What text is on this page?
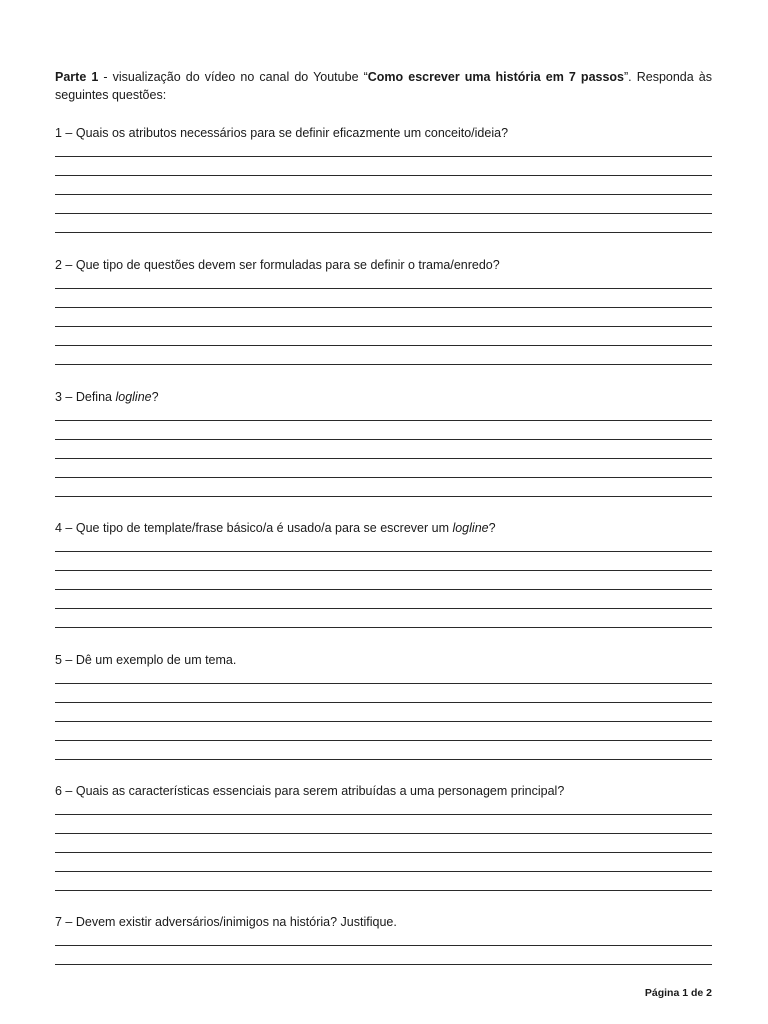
Parte 1 - visualização do vídeo no canal do Youtube “Como escrever uma história em 7 passos”. Responda às seguintes questões:
1 – Quais os atributos necessários para se definir eficazmente um conceito/ideia?
2 – Que tipo de questões devem ser formuladas para se definir o trama/enredo?
3 – Defina logline?
4 – Que tipo de template/frase básico/a é usado/a para se escrever um logline?
5 – Dê um exemplo de um tema.
6 – Quais as características essenciais para serem atribuídas a uma personagem principal?
7 – Devem existir adversários/inimigos na história? Justifique.
Página 1 de 2
